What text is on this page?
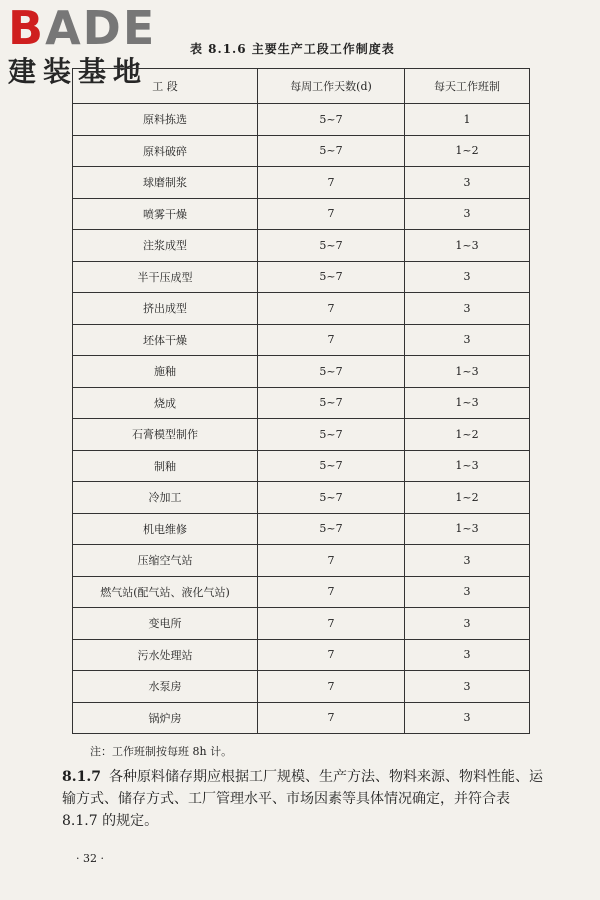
BADE
建装基地
表 8.1.6 主要生产工段工作制度表
工 段	每周工作天数(d)	每天工作班制
原料拣选	5~7	1
原料破碎	5~7	1~2
球磨制浆	7	3
喷雾干燥	7	3
注浆成型	5~7	1~3
半干压成型	5~7	3
挤出成型	7	3
坯体干燥	7	3
施釉	5~7	1~3
烧成	5~7	1~3
石膏模型制作	5~7	1~2
制釉	5~7	1~3
冷加工	5~7	1~2
机电维修	5~7	1~3
压缩空气站	7	3
燃气站(配气站、液化气站)	7	3
变电所	7	3
污水处理站	7	3
水泵房	7	3
锅炉房	7	3
注：工作班制按每班 8h 计。

8.1.7 各种原料储存期应根据工厂规模、生产方法、物料来源、物料性能、运输方式、储存方式、工厂管理水平、市场因素等具体情况确定，并符合表 8.1.7 的规定。

· 32 ·
